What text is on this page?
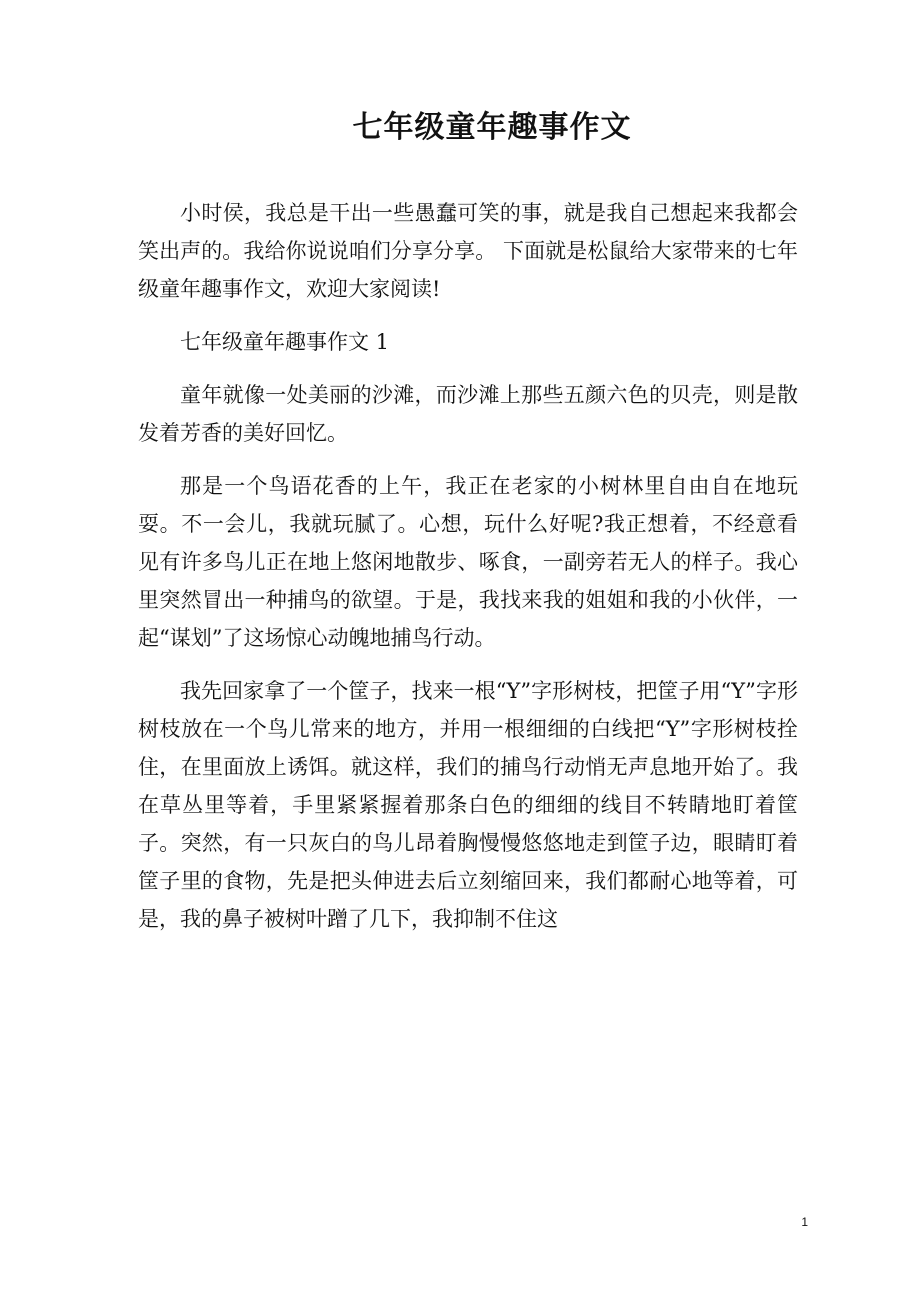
七年级童年趣事作文

小时侯，我总是干出一些愚蠢可笑的事，就是我自己想起来我都会笑出声的。我给你说说咱们分享分享。 下面就是松鼠给大家带来的七年级童年趣事作文，欢迎大家阅读!

七年级童年趣事作文 1

童年就像一处美丽的沙滩，而沙滩上那些五颜六色的贝壳，则是散发着芳香的美好回忆。

那是一个鸟语花香的上午，我正在老家的小树林里自由自在地玩耍。不一会儿，我就玩腻了。心想，玩什么好呢?我正想着，不经意看见有许多鸟儿正在地上悠闲地散步、啄食，一副旁若无人的样子。我心里突然冒出一种捕鸟的欲望。于是，我找来我的姐姐和我的小伙伴，一起“谋划”了这场惊心动魄地捕鸟行动。

我先回家拿了一个筐子，找来一根“Y”字形树枝，把筐子用“Y”字形树枝放在一个鸟儿常来的地方，并用一根细细的白线把“Y”字形树枝拴住，在里面放上诱饵。就这样，我们的捕鸟行动悄无声息地开始了。我在草丛里等着，手里紧紧握着那条白色的细细的线目不转睛地盯着筐子。突然，有一只灰白的鸟儿昂着胸慢慢悠悠地走到筐子边，眼睛盯着筐子里的食物，先是把头伸进去后立刻缩回来，我们都耐心地等着，可是，我的鼻子被树叶蹭了几下，我抑制不住这

1
